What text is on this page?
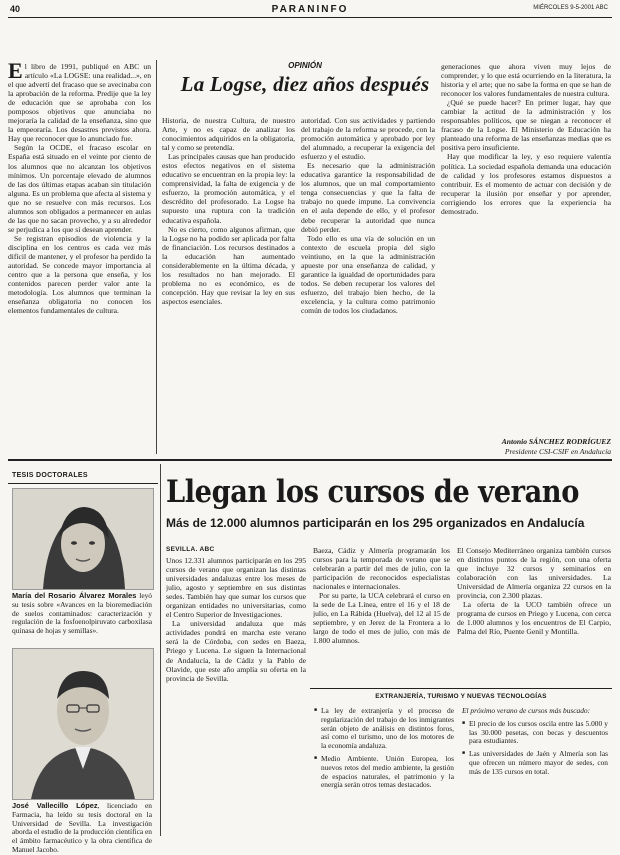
40	PARANINFO	MIÉRCOLES 9-5-2001 ABC
OPINIÓN
La Logse, diez años después
E l libro de 1991, publiqué en ABC un artículo «La LOGSE: una realidad...», en el que advertí del fracaso que se avecinaba con la aprobación de la reforma. Predije que la ley de educación que se aprobaba con los pomposos objetivos que anunciaba no mejoraría la calidad de la enseñanza, sino que la empeoraría. Los desastres previstos ahora. Hay que reconocer que lo anunciado fue.

Según la OCDE, el fracaso escolar en España está situado en el veinte por ciento de los alumnos que no alcanzan los objetivos mínimos. Un porcentaje elevado de alumnos de las dos últimas etapas acaban sin titulación alguna. Es un problema que afecta al sistema y que no se resuelve con más recursos. Los alumnos son obligados a permanecer en aulas de las que no sacan provecho, y a su alrededor se perjudica a los que sí desean aprender.

Se registran episodios de violencia y la disciplina en los centros es cada vez más difícil de mantener, y el profesor ha perdido la autoridad. Se concede mayor importancia al centro que a la persona que enseña, y los contenidos parecen perder valor ante la metodología. Los alumnos que terminan la enseñanza obligatoria no conocen los elementos fundamentales de cultura.

Historia, de nuestra Cultura, de nuestro Arte, y no es capaz de analizar los conocimientos adquiridos en la obligatoria, tal y como se pretendía.

Las principales causas que han producido estos efectos negativos en el sistema educativo se encuentran en la propia ley: la comprensividad, la falta de exigencia y de esfuerzo, la promoción automática, y el descrédito del profesorado. La Logse ha supuesto una ruptura con la tradición educativa española.

No es cierto, como algunos afirman, que la Logse no ha podido ser aplicada por falta de financiación. Los recursos destinados a la educación han aumentado considerablemente en la última década, y los resultados no han mejorado. El problema no es económico, es de concepción. Hay que revisar la ley en sus aspectos esenciales.

autoridad. Con sus actividades y partiendo del trabajo de la reforma se procede, con la promoción automática y aprobado por ley del alumnado, a recuperar la exigencia del esfuerzo y el estudio.

Es necesario que la administración educativa garantice la responsabilidad de los alumnos, que un mal comportamiento tenga consecuencias y que la falta de trabajo no quede impune. La convivencia en el aula depende de ello, y el profesor debe recuperar la autoridad que nunca debió perder.

Todo ello es una vía de solución en un contexto de escuela propia del siglo veintiuno, en la que la administración apueste por una enseñanza de calidad, y garantice la igualdad de oportunidades para todos. Se deben recuperar los valores del esfuerzo, del trabajo bien hecho, de la excelencia, y la cultura como patrimonio común de todos los ciudadanos.

generaciones que ahora viven muy lejos de comprender, y lo que está ocurriendo en la literatura, la historia y el arte; que no sabe la forma en que se han de reconocer los valores fundamentales de nuestra cultura.

¿Qué se puede hacer? En primer lugar, hay que cambiar la actitud de la administración y los responsables políticos, que se niegan a reconocer el fracaso de la Logse. El Ministerio de Educación ha planteado una reforma de las enseñanzas medias que es positiva pero insuficiente.

Hay que modificar la ley, y eso requiere valentía política. La sociedad española demanda una educación de calidad y los profesores estamos dispuestos a contribuir. Es el momento de actuar con decisión y de recuperar la ilusión por enseñar y por aprender, corrigiendo los errores que la experiencia ha demostrado.

Antonio SÁNCHEZ RODRÍGUEZ
Presidente CSI-CSIF en Andalucía
TESIS DOCTORALES
María del Rosario Álvarez Morales leyó su tesis sobre «Avances en la bioremediación de suelos contaminados: caracterización y regulación de la fosfoenolpiruvato carboxilasa quinasa de hojas y semillas».
José Vallecillo López, licenciado en Farmacia, ha leído su tesis doctoral en la Universidad de Sevilla. La investigación aborda el estudio de la producción científica en el ámbito farmacéutico y la obra científica de Manuel Jacobo.
Llegan los cursos de verano
Más de 12.000 alumnos participarán en los 295 organizados en Andalucía
SEVILLA. ABC

Unos 12.331 alumnos participarán en los 295 cursos de verano que organizan las distintas universidades andaluzas entre los meses de julio, agosto y septiembre en sus distintas sedes. También hay que sumar los cursos que organizan entidades no universitarias, como el Centro Superior de Investigaciones.

La universidad andaluza que más actividades pondrá en marcha este verano será la de Córdoba, con sedes en Baeza, Priego y Lucena. Le siguen la Internacional de Andalucía, la de Cádiz y la Pablo de Olavide, que este año amplía su oferta en la provincia de Sevilla.

Baeza, Cádiz y Almería programarán los cursos para la temporada de verano que se celebrarán a partir del mes de julio, con la participación de reconocidos especialistas nacionales e internacionales.

Por su parte, la UCA celebrará el curso en la sede de La Línea, entre el 16 y el 18 de julio, en La Rábida (Huelva), del 12 al 15 de septiembre, y en Jerez de la Frontera a lo largo de todo el mes de julio, con más de 1.800 alumnos.

El Consejo Mediterráneo organiza también cursos en distintos puntos de la región, con una oferta que incluye 32 cursos y seminarios en colaboración con las universidades. La Universidad de Almería organiza 22 cursos en la provincia, con 2.300 plazas.

La oferta de la UCO también ofrece un programa de cursos en Priego y Lucena, con cerca de 1.000 alumnos y los encuentros de El Carpio, Palma del Río, Puente Genil y Montilla.

EXTRANJERÍA, TURISMO Y NUEVAS TECNOLOGÍAS
■ La ley de extranjería y el proceso de regularización del trabajo de los inmigrantes serán objeto de análisis en distintos foros, así como el turismo, uno de los motores de la economía andaluza.
■ Medio Ambiente. Unión Europea, los nuevos retos del medio ambiente, la gestión de espacios naturales, el patrimonio y la energía serán otros temas destacados.
El próximo verano de cursos más buscado:
■ El precio de los cursos oscila entre las 5.000 y las 30.000 pesetas, con becas y descuentos para estudiantes.
■ Las universidades de Jaén y Almería son las que ofrecen un número mayor de sedes, con más de 135 cursos en total.
